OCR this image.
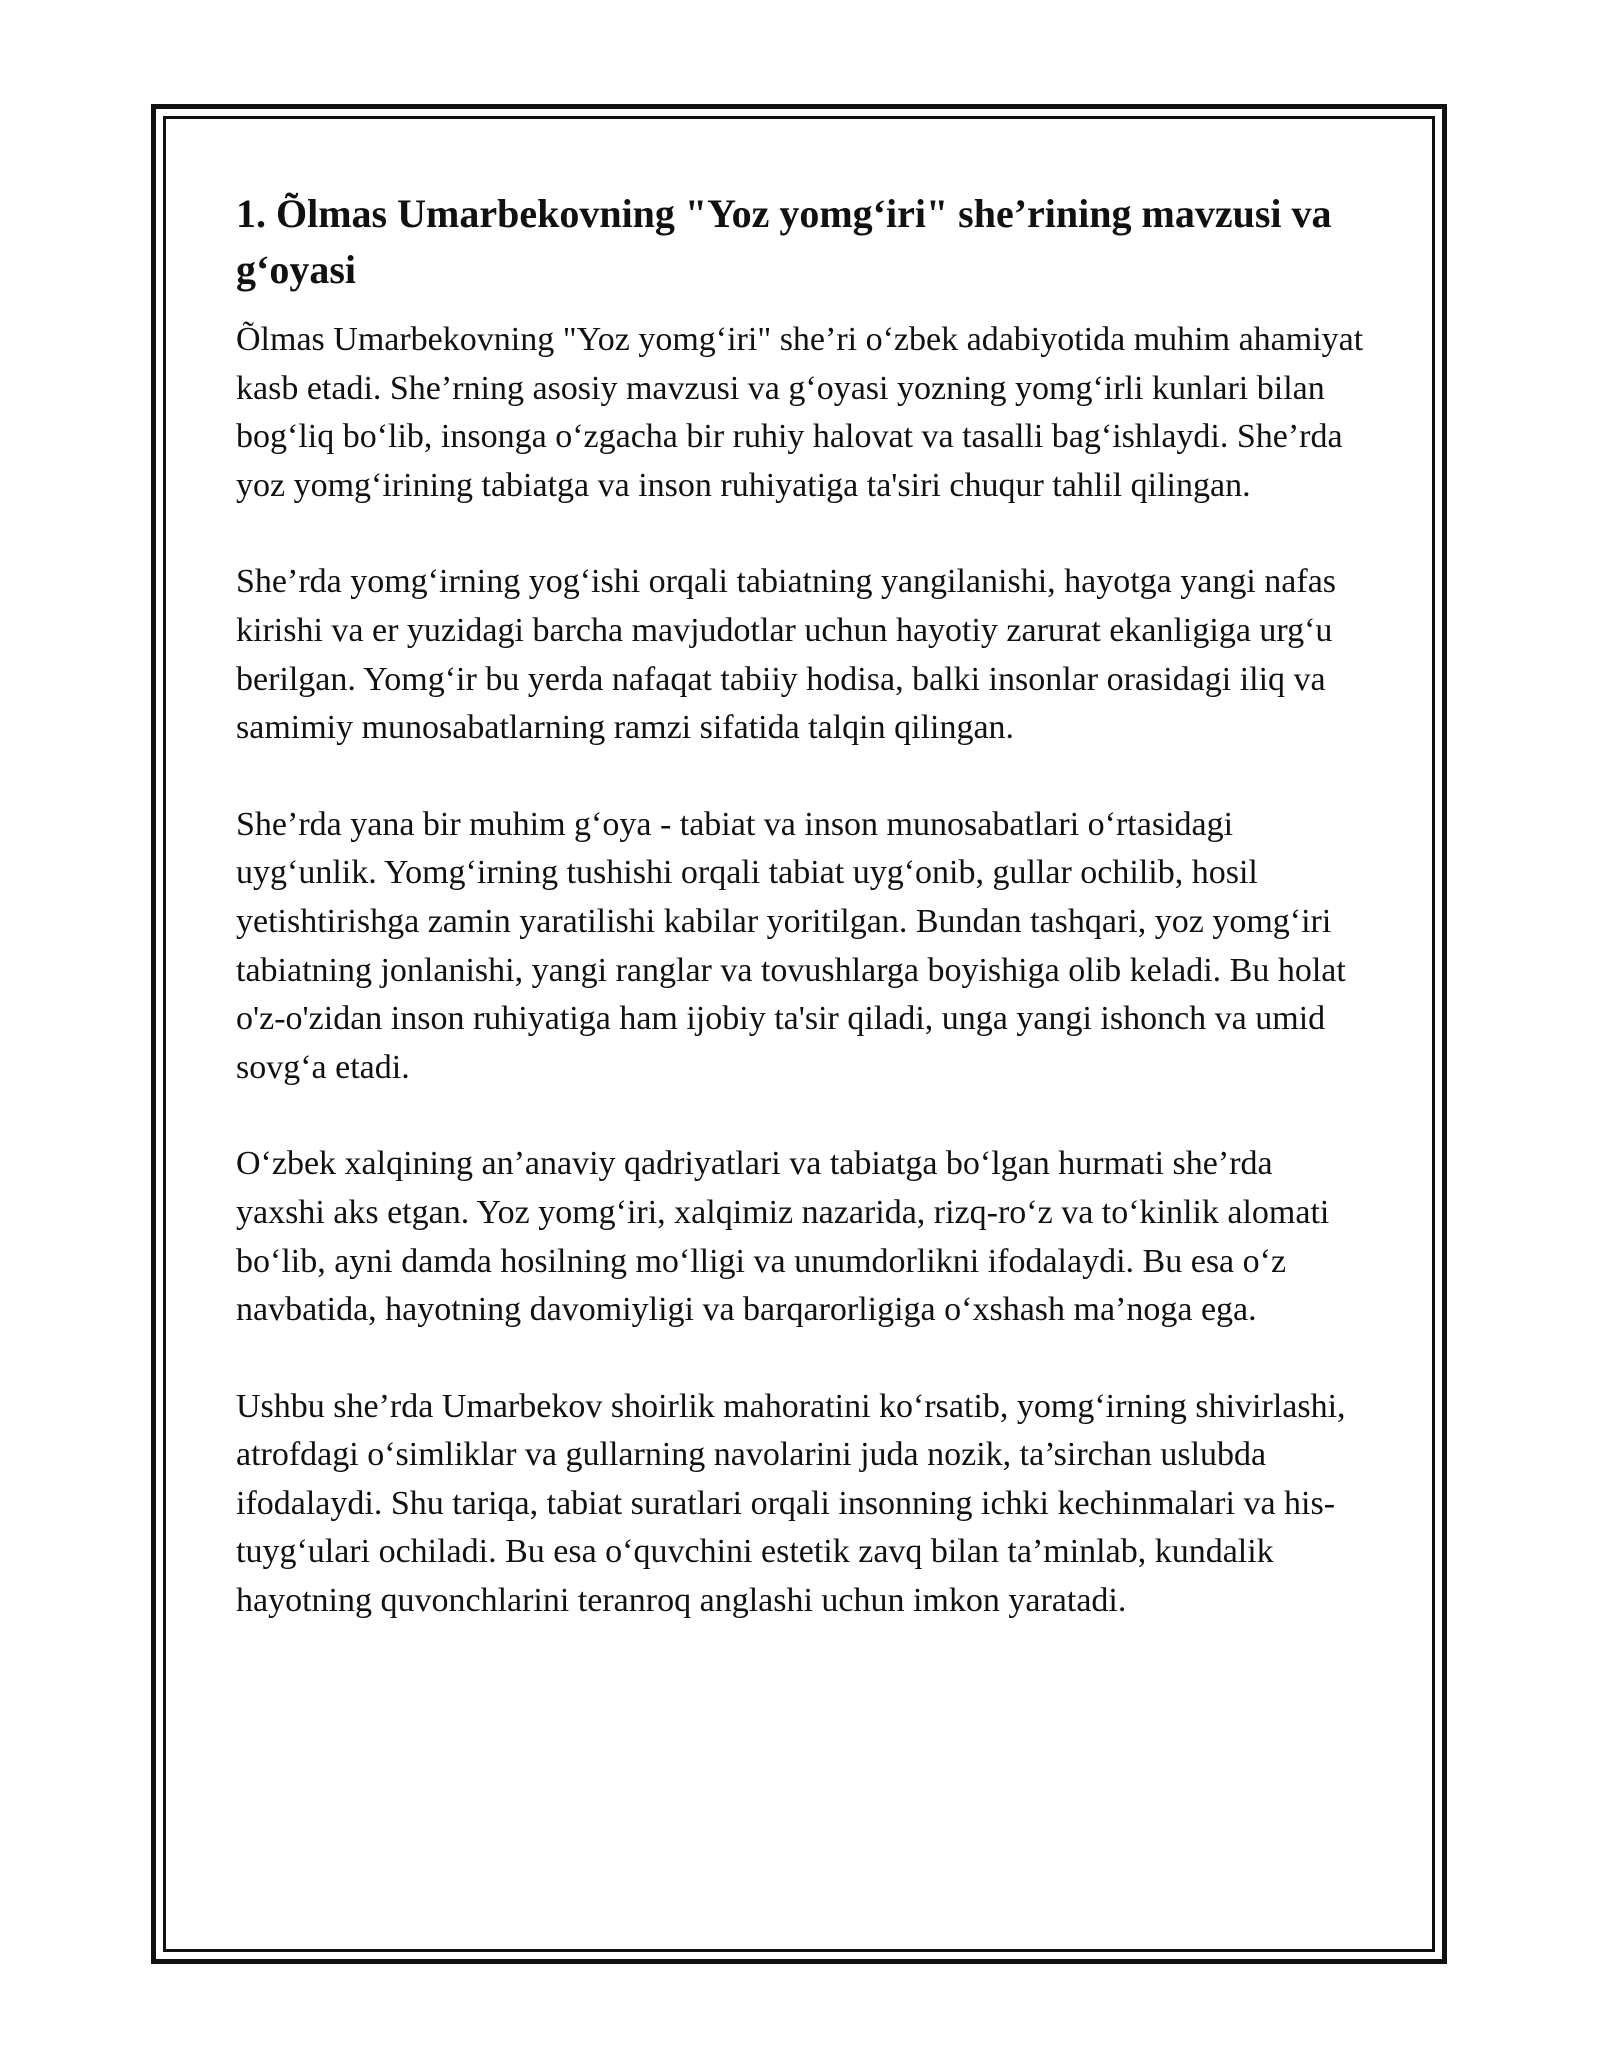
1. Õlmas Umarbekovning "Yoz yomg‘iri" she’rining mavzusi va g‘oyasi

Õlmas Umarbekovning "Yoz yomg‘iri" she’ri o‘zbek adabiyotida muhim ahamiyat kasb etadi. She’rning asosiy mavzusi va g‘oyasi yozning yomg‘irli kunlari bilan bog‘liq bo‘lib, insonga o‘zgacha bir ruhiy halovat va tasalli bag‘ishlaydi. She’rda yoz yomg‘irining tabiatga va inson ruhiyatiga ta'siri chuqur tahlil qilingan.

She’rda yomg‘irning yog‘ishi orqali tabiatning yangilanishi, hayotga yangi nafas kirishi va er yuzidagi barcha mavjudotlar uchun hayotiy zarurat ekanligiga urg‘u berilgan. Yomg‘ir bu yerda nafaqat tabiiy hodisa, balki insonlar orasidagi iliq va samimiy munosabatlarning ramzi sifatida talqin qilingan.

She’rda yana bir muhim g‘oya - tabiat va inson munosabatlari o‘rtasidagi uyg‘unlik. Yomg‘irning tushishi orqali tabiat uyg‘onib, gullar ochilib, hosil yetishtirishga zamin yaratilishi kabilar yoritilgan. Bundan tashqari, yoz yomg‘iri tabiatning jonlanishi, yangi ranglar va tovushlarga boyishiga olib keladi. Bu holat o'z-o'zidan inson ruhiyatiga ham ijobiy ta'sir qiladi, unga yangi ishonch va umid sovg‘a etadi.

O‘zbek xalqining an’anaviy qadriyatlari va tabiatga bo‘lgan hurmati she’rda yaxshi aks etgan. Yoz yomg‘iri, xalqimiz nazarida, rizq-ro‘z va to‘kinlik alomati bo‘lib, ayni damda hosilning mo‘lligi va unumdorlikni ifodalaydi. Bu esa o‘z navbatida, hayotning davomiyligi va barqarorligiga o‘xshash ma’noga ega.

Ushbu she’rda Umarbekov shoirlik mahoratini ko‘rsatib, yomg‘irning shivirlashi, atrofdagi o‘simliklar va gullarning navolarini juda nozik, ta’sirchan uslubda ifodalaydi. Shu tariqa, tabiat suratlari orqali insonning ichki kechinmalari va his-tuyg‘ulari ochiladi. Bu esa o‘quvchini estetik zavq bilan ta’minlab, kundalik hayotning quvonchlarini teranroq anglashi uchun imkon yaratadi.
